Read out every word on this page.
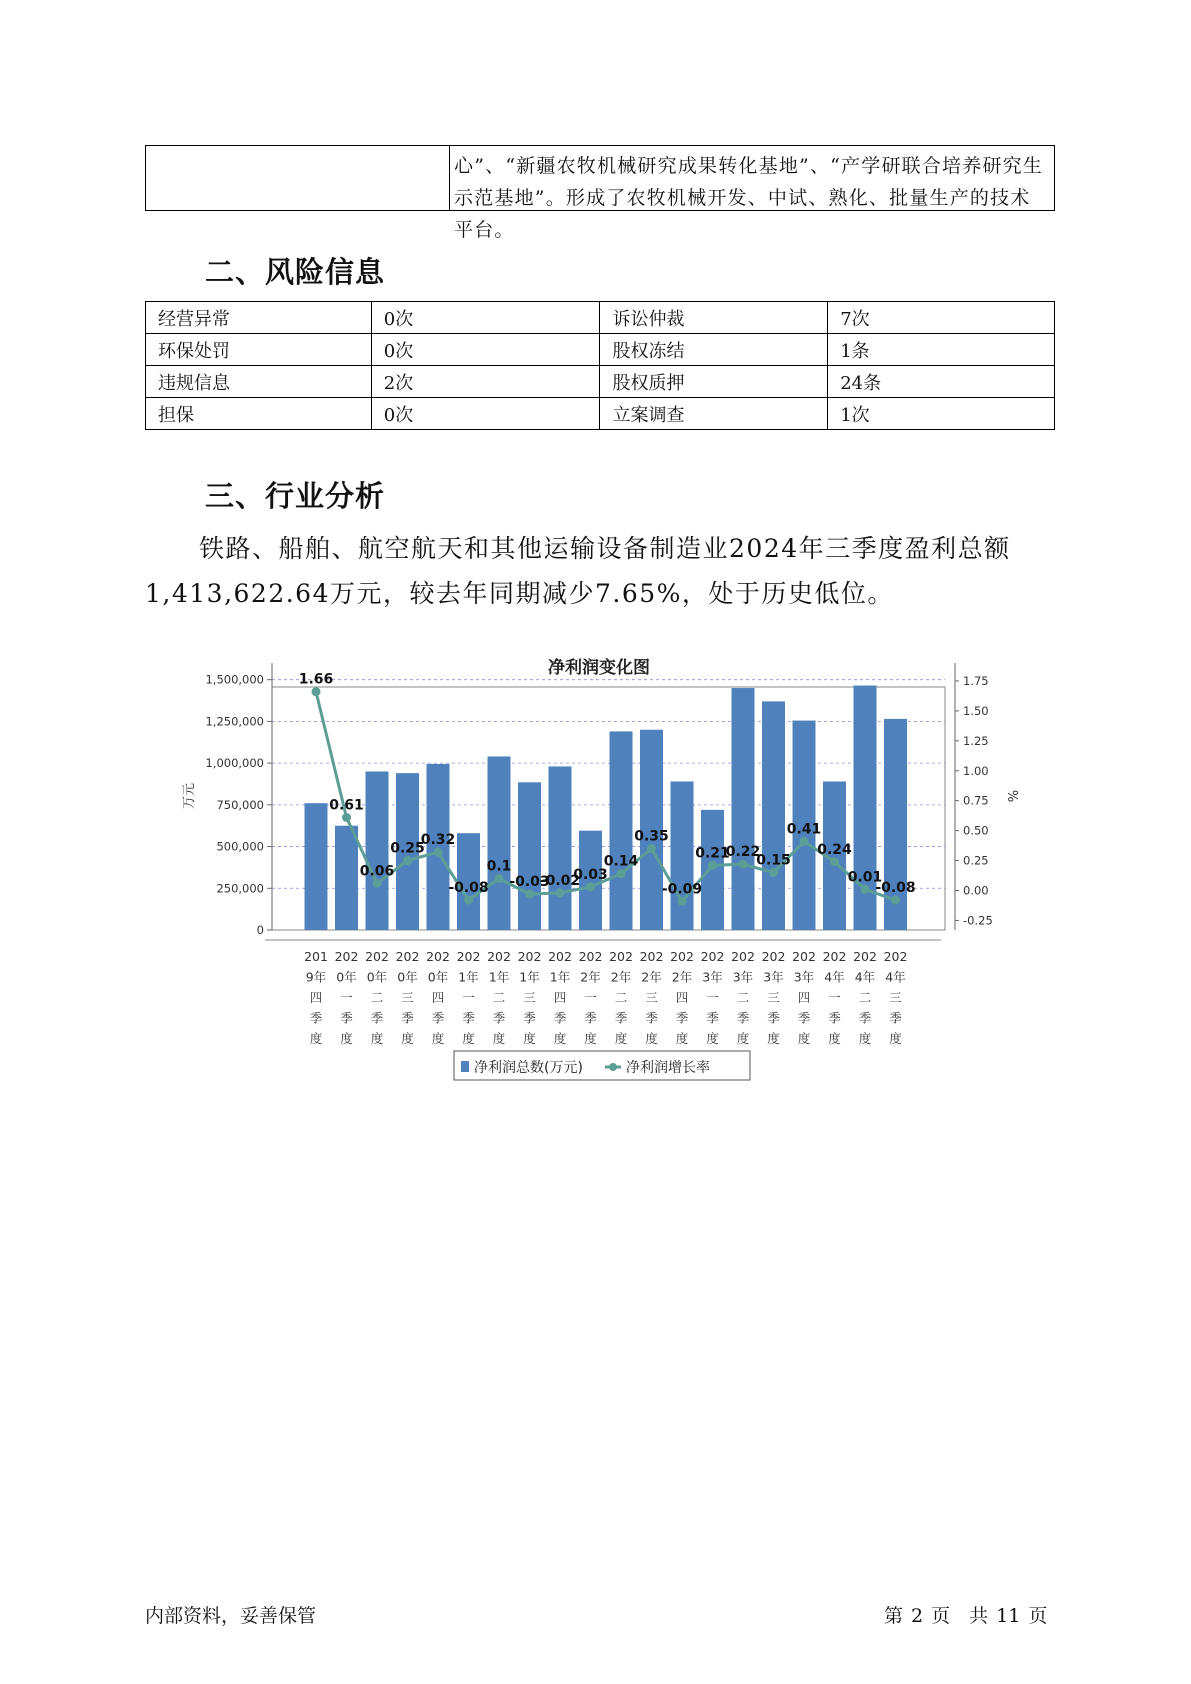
心”、“新疆农牧机械研究成果转化基地”、“产学研联合培养研究生示范基地”。形成了农牧机械开发、中试、熟化、批量生产的技术平台。
二、风险信息
经营异常	0次	诉讼仲裁	7次
环保处罚	0次	股权冻结	1条
违规信息	2次	股权质押	24条
担保	0次	立案调查	1次
三、行业分析
铁路、船舶、航空航天和其他运输设备制造业2024年三季度盈利总额1,413,622.64万元，较去年同期减少7.65%，处于历史低位。
净利润变化图
0
250,000
500,000
750,000
1,000,000
1,250,000
1,500,000
-0.25
0.00
0.25
0.50
0.75
1.00
1.25
1.50
1.75
万元	%
1.66
0.61
0.06
0.25
0.32
-0.08
0.1
-0.03
-0.02
0.03
0.14
0.35
-0.09
0.21
0.22
0.15
0.41
0.24
0.01
-0.08
201 9年四季度
202 0年一季度
202 0年二季度
202 0年三季度
202 0年四季度
202 1年一季度
202 1年二季度
202 1年三季度
202 1年四季度
202 2年一季度
202 2年二季度
202 2年三季度
202 2年四季度
202 3年一季度
202 3年二季度
202 3年三季度
202 3年四季度
202 4年一季度
202 4年二季度
202 4年三季度
净利润总数(万元)	净利润增长率
内部资料，妥善保管	第 2 页　共 11 页
